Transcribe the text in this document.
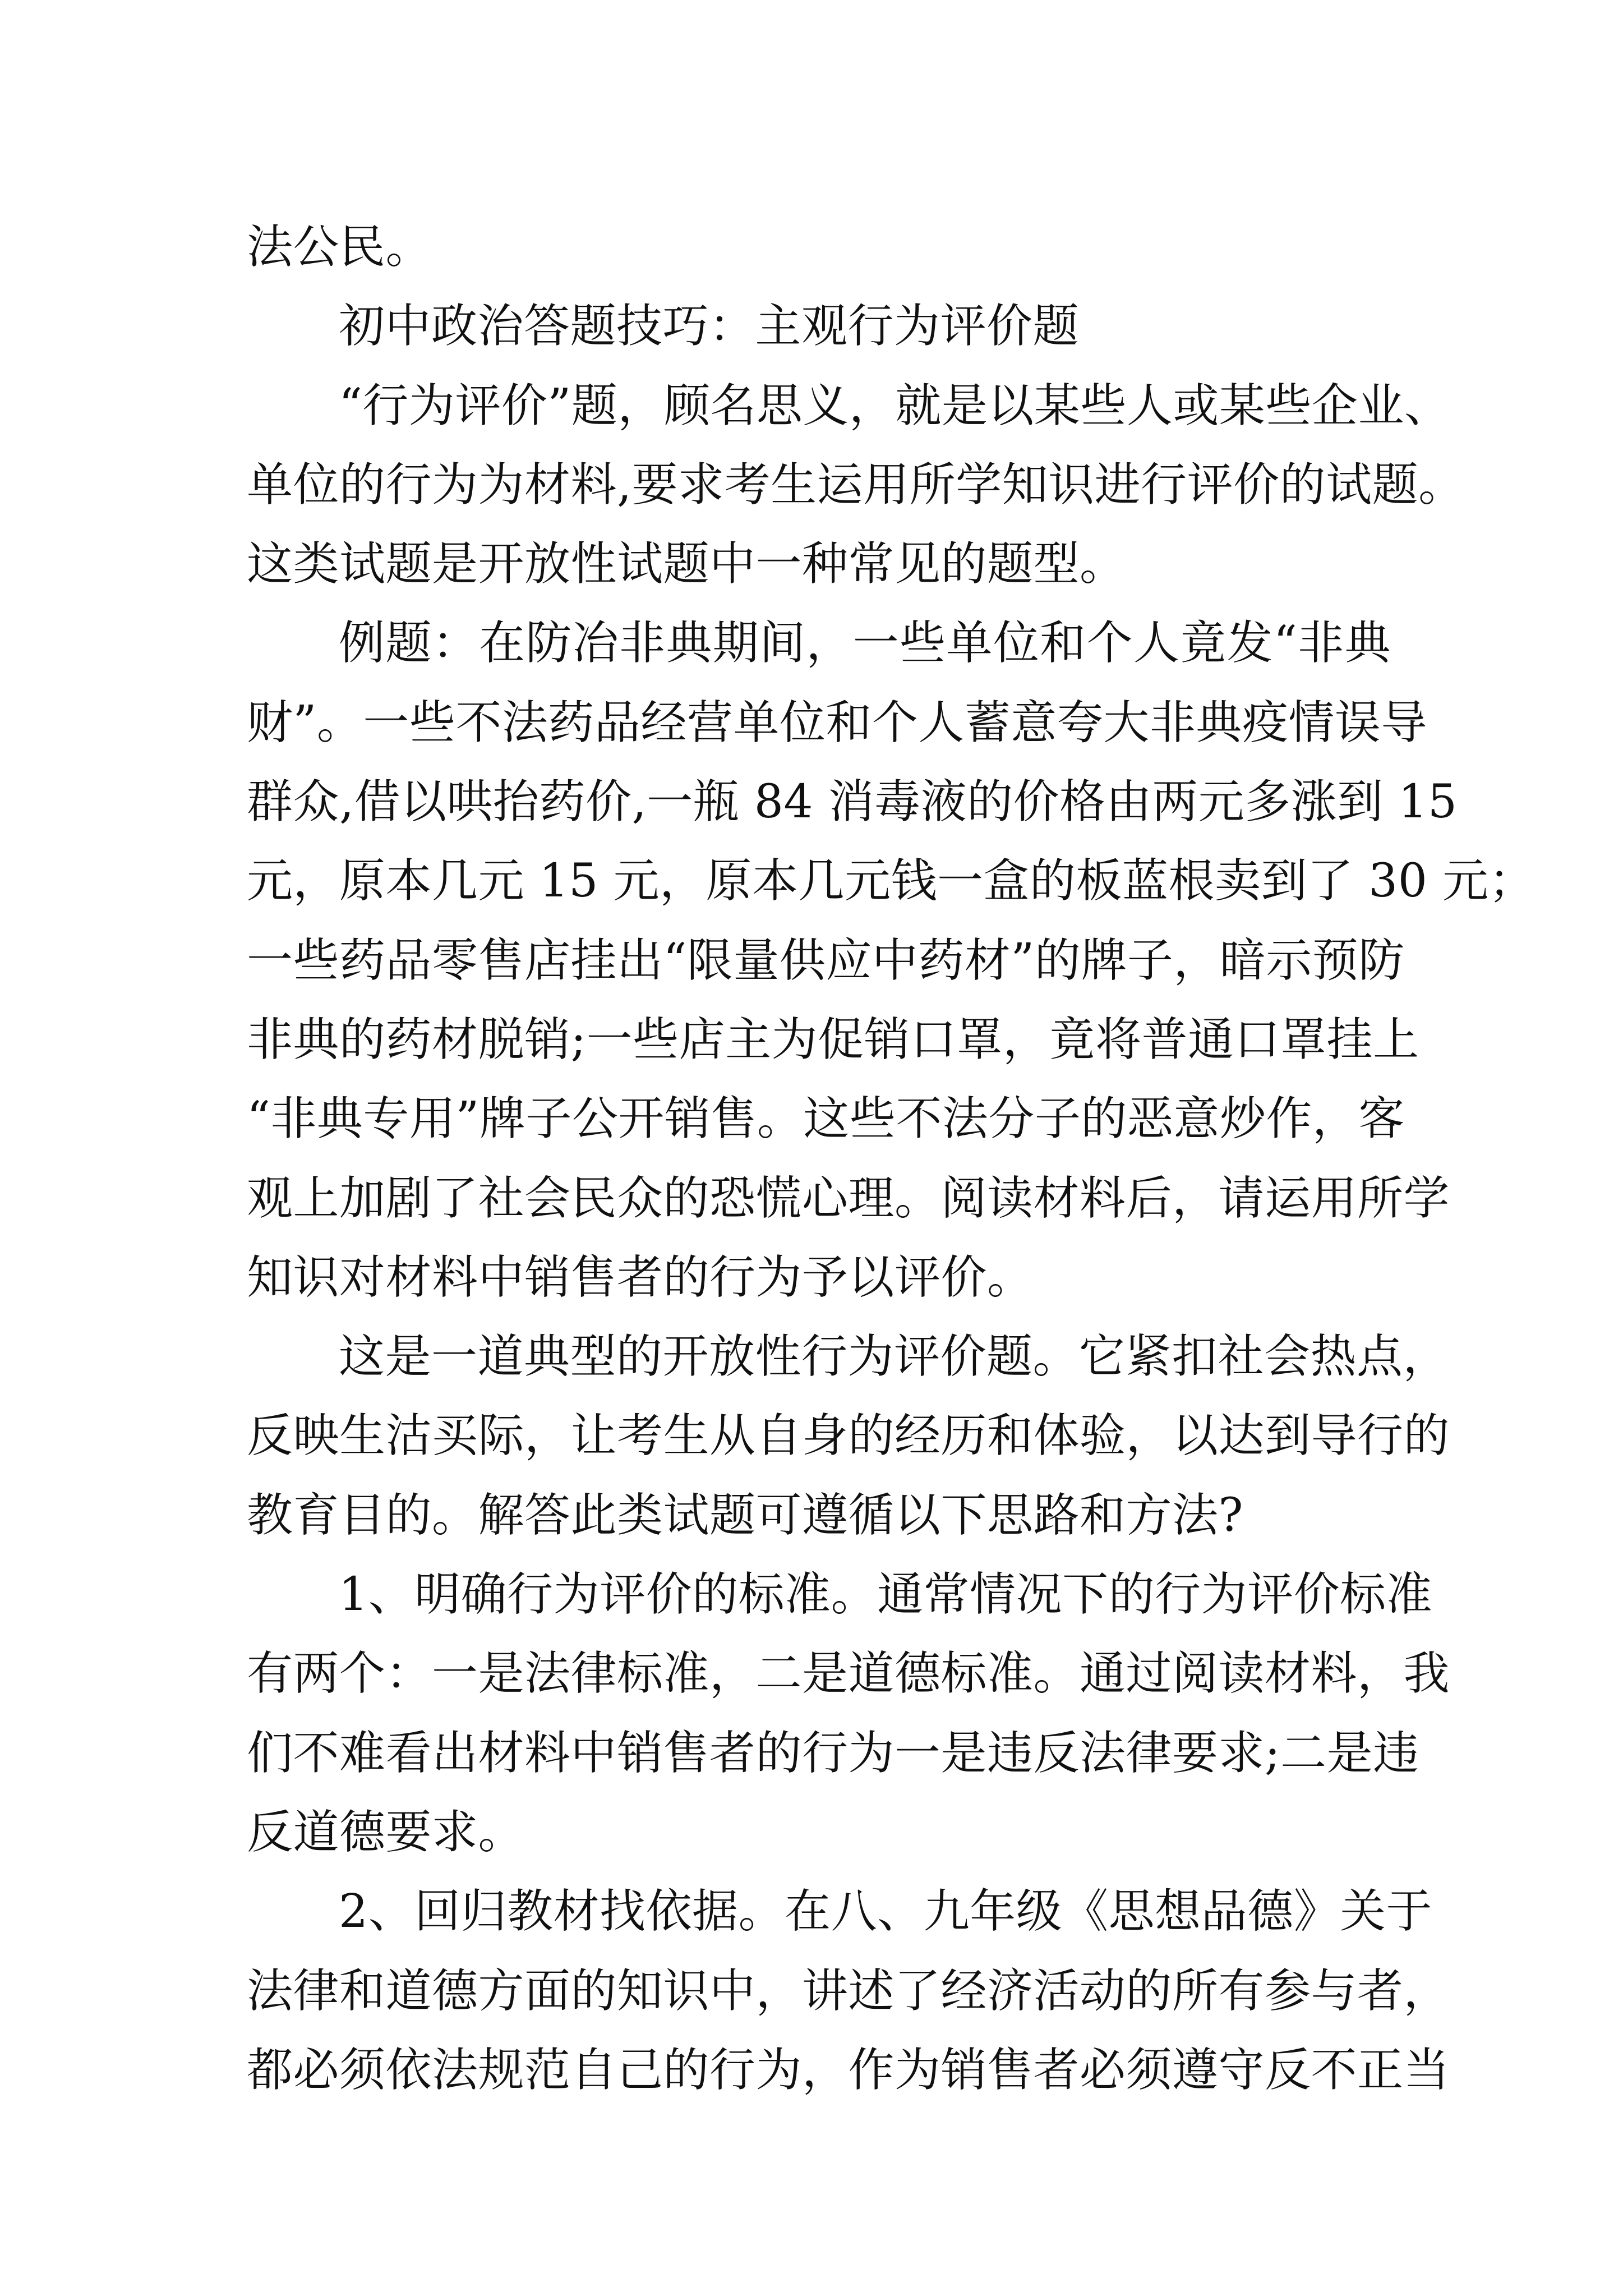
法公民。
初中政治答题技巧：主观行为评价题
“行为评价”题，顾名思义，就是以某些人或某些企业、
单位的行为为材料,要求考生运用所学知识进行评价的试题。
这类试题是开放性试题中一种常见的题型。
例题：在防冶非典期间，一些单位和个人竟发“非典
财”。一些不法药品经营单位和个人蓄意夸大非典疫情误导
群众,借以哄抬药价,一瓶 84 消毒液的价格由两元多涨到 15
元，原本几元 15 元，原本几元钱一盒的板蓝根卖到了 30 元；
一些药品零售店挂出“限量供应中药材”的牌子，暗示预防
非典的药材脱销;一些店主为促销口罩，竟将普通口罩挂上
“非典专用”牌子公开销售。这些不法分子的恶意炒作，客
观上加剧了社会民众的恐慌心理。阅读材料后，请运用所学
知识对材料中销售者的行为予以评价。
这是一道典型的开放性行为评价题。它紧扣社会热点，
反映生沽买际，让考生从自身的经历和体验，以达到导行的
教育目的。解答此类试题可遵循以下思路和方法?
1、明确行为评价的标准。通常情况下的行为评价标准
有两个：一是法律标准，二是道德标准。通过阅读材料，我
们不难看出材料中销售者的行为一是违反法律要求;二是违
反道德要求。
2、回归教材找依据。在八、九年级《思想品德》关于
法律和道德方面的知识中，讲述了经济活动的所有参与者，
都必须依法规范自己的行为，作为销售者必须遵守反不正当
